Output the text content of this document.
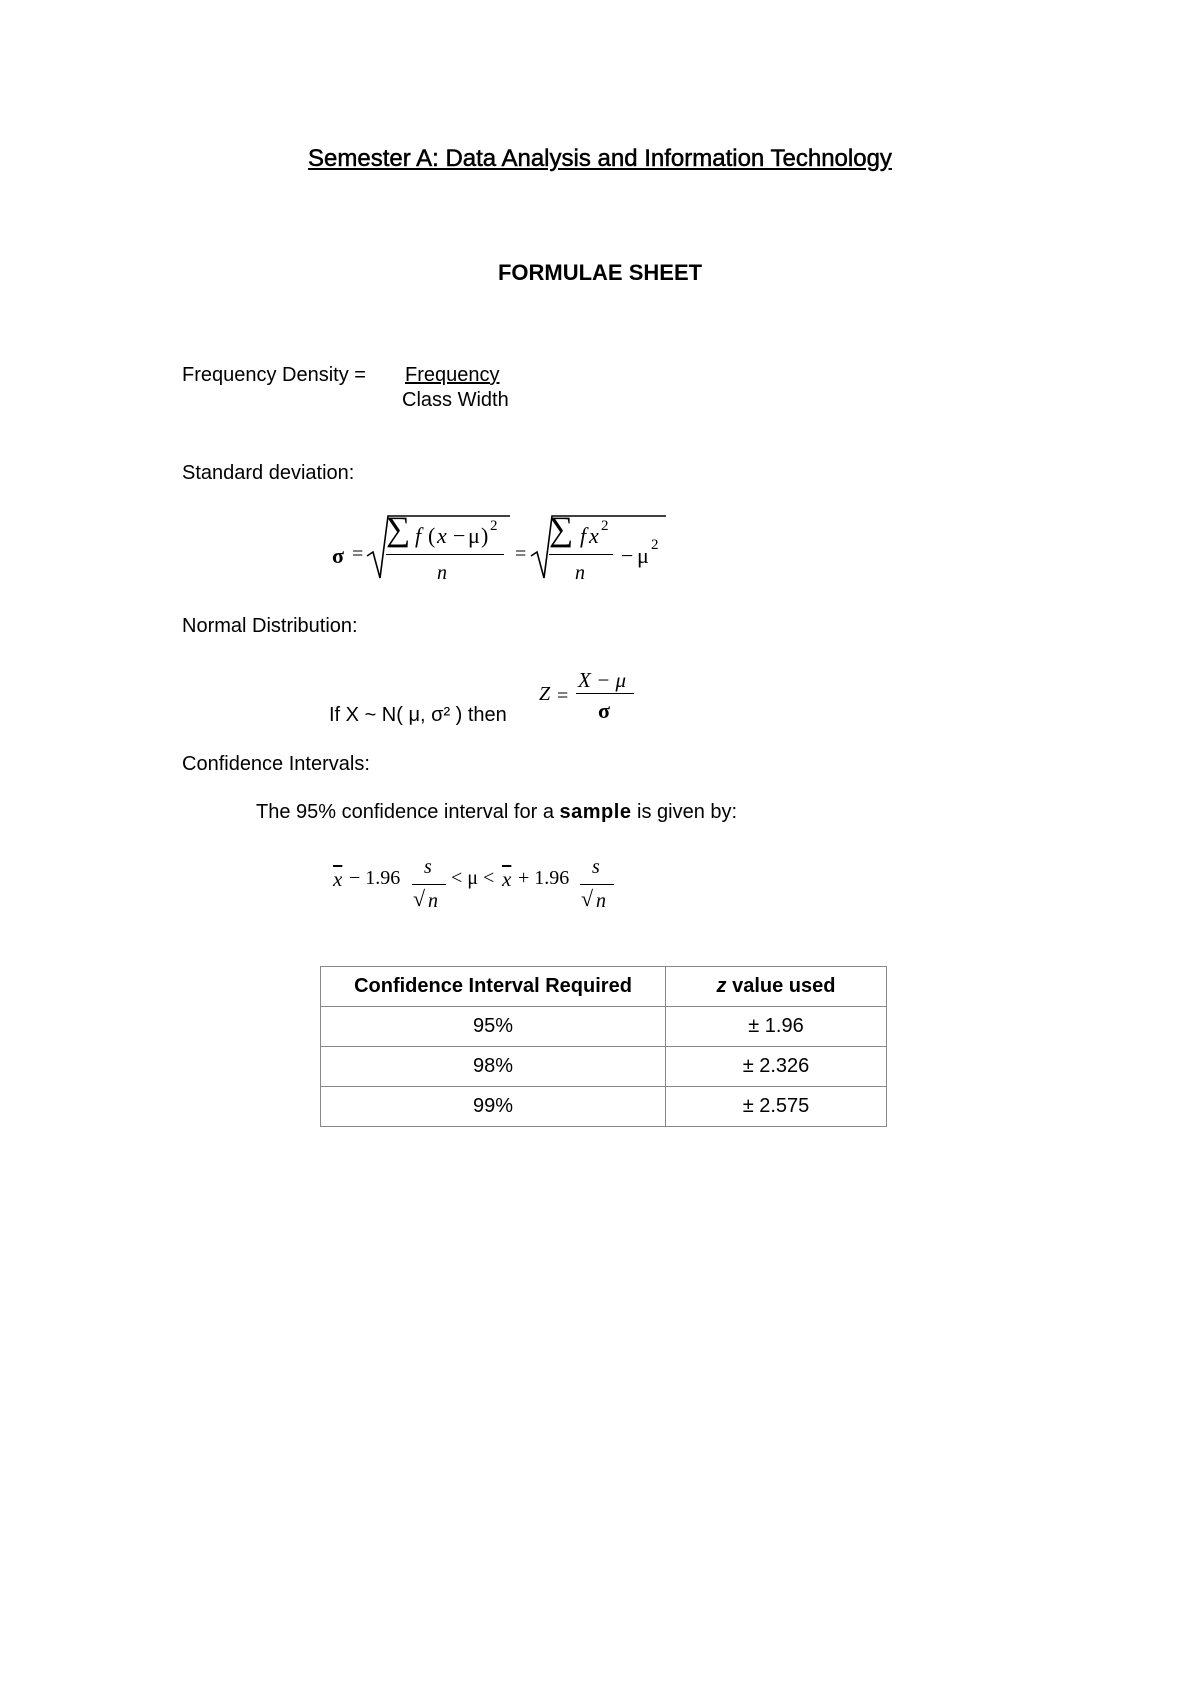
Semester A: Data Analysis and Information Technology
FORMULAE SHEET
Frequency Density = Frequency
Class Width
Standard deviation:
σ =
∑ f ( x − μ ) 2
n
=
∑ f x 2
n
− μ 2
Normal Distribution:
If X ~ N( μ, σ² ) then
Z =
X − μ
σ
Confidence Intervals:
The 95% confidence interval for a sample is given by:
$\overline{x} - 1.96$ s
√ n
< $\mu < \overline{x} + 1.96$ s
√ n
Confidence Interval Required	z value used
95%	± 1.96
98%	± 2.326
99%	± 2.575
